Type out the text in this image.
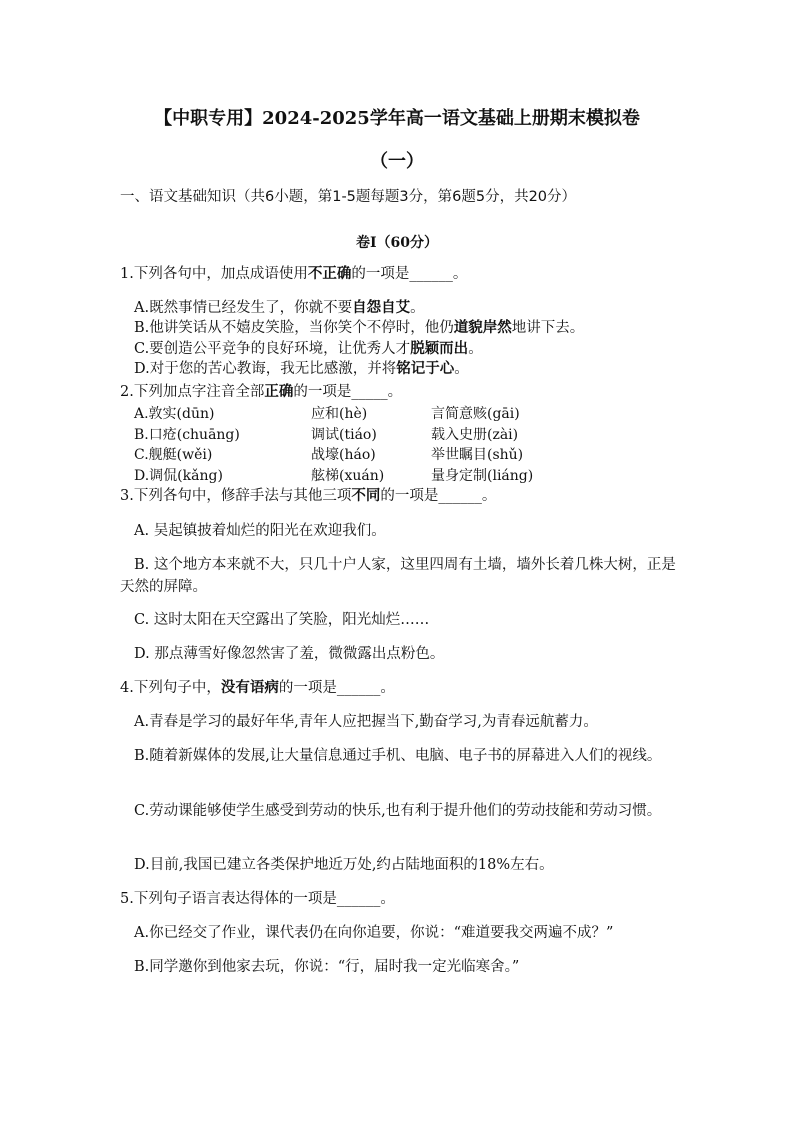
【中职专用】2024-2025学年高一语文基础上册期末模拟卷
（一）
一、语文基础知识（共6小题，第1-5题每题3分，第6题5分，共20分）
卷Ⅰ（60分）
1.下列各句中，加点成语使用不正确的一项是______。
A.既然事情已经发生了，你就不要自怨自艾。
B.他讲笑话从不嬉皮笑脸，当你笑个不停时，他仍道貌岸然地讲下去。
C.要创造公平竞争的良好环境，让优秀人才脱颖而出。
D.对于您的苦心教诲，我无比感激，并将铭记于心。
2.下列加点字注音全部正确的一项是_____。
A.敦实(dūn)	应和(hè)	言简意赅(gāi)
B.口疮(chuāng)	调试(tiáo)	载入史册(zài)
C.舰艇(wěi)	战壕(háo)	举世瞩目(shǔ)
D.调侃(kǎng)	舷梯(xuán)	量身定制(liáng)
3.下列各句中，修辞手法与其他三项不同的一项是______。
A. 吴起镇披着灿烂的阳光在欢迎我们。
B. 这个地方本来就不大，只几十户人家，这里四周有土墙，墙外长着几株大树，正是天然的屏障。
C. 这时太阳在天空露出了笑脸，阳光灿烂……
D. 那点薄雪好像忽然害了羞，微微露出点粉色。
4.下列句子中，没有语病的一项是______。
A.青春是学习的最好年华,青年人应把握当下,勤奋学习,为青春远航蓄力。
B.随着新媒体的发展,让大量信息通过手机、电脑、电子书的屏幕进入人们的视线。
C.劳动课能够使学生感受到劳动的快乐,也有利于提升他们的劳动技能和劳动习惯。
D.目前,我国已建立各类保护地近万处,约占陆地面积的18%左右。
5.下列句子语言表达得体的一项是______。
A.你已经交了作业，课代表仍在向你追要，你说：“难道要我交两遍不成？”
B.同学邀你到他家去玩，你说：“行，届时我一定光临寒舍。”
